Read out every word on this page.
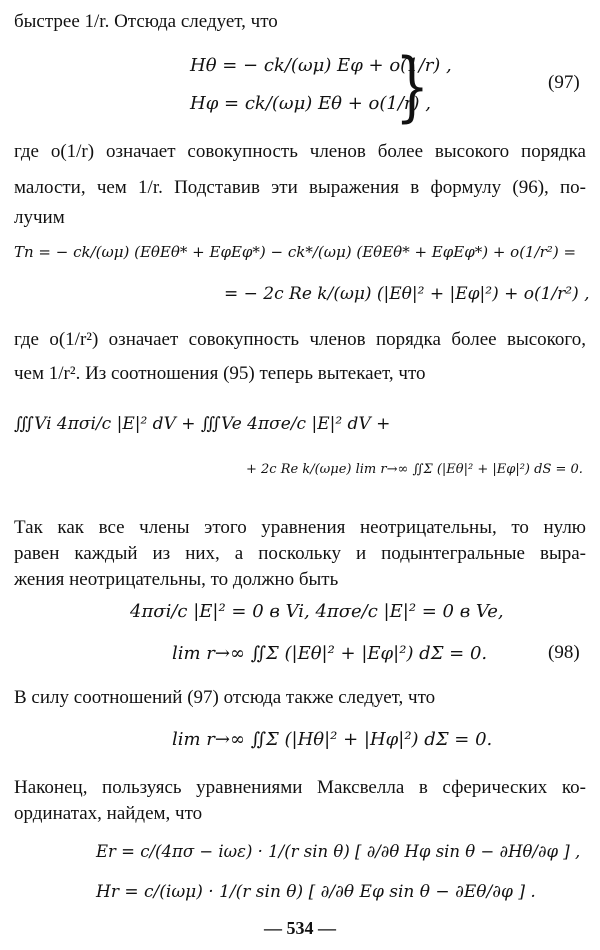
быстрее 1/r. Отсюда следует, что
Hθ = − ck/(ωμ) Eφ + o(1/r) ,
Hφ = ck/(ωμ) Eθ + o(1/r) ,
}	(97)
где o(1/r) означает совокупность членов более высокого порядка
малости, чем 1/r. Подставив эти выражения в формулу (96), по-
лучим
Tn = − ck/(ωμ) (EθEθ* + EφEφ*) − ck*/(ωμ) (EθEθ* + EφEφ*) + o(1/r²) =
= − 2c Re k/(ωμ) (|Eθ|² + |Eφ|²) + o(1/r²) ,
где o(1/r²) означает совокупность членов порядка более высокого,
чем 1/r². Из соотношения (95) теперь вытекает, что
∭Vi 4πσi/c |E|² dV + ∭Ve 4πσe/c |E|² dV +
+ 2c Re k/(ωμe) lim r→∞ ∬Σ (|Eθ|² + |Eφ|²) dS = 0.
Так как все члены этого уравнения неотрицательны, то нулю
равен каждый из них, а поскольку и подынтегральные выра-
жения неотрицательны, то должно быть
4πσi/c |E|² = 0 в Vi, 4πσe/c |E|² = 0 в Ve,
lim r→∞ ∬Σ (|Eθ|² + |Eφ|²) dΣ = 0.	(98)
В силу соотношений (97) отсюда также следует, что
lim r→∞ ∬Σ (|Hθ|² + |Hφ|²) dΣ = 0.
Наконец, пользуясь уравнениями Максвелла в сферических ко-
ординатах, найдем, что
Er = c/(4πσ − iωε) · 1/(r sin θ) [ ∂/∂θ Hφ sin θ − ∂Hθ/∂φ ] ,
Hr = c/(iωμ) · 1/(r sin θ) [ ∂/∂θ Eφ sin θ − ∂Eθ/∂φ ] .
— 534 —
